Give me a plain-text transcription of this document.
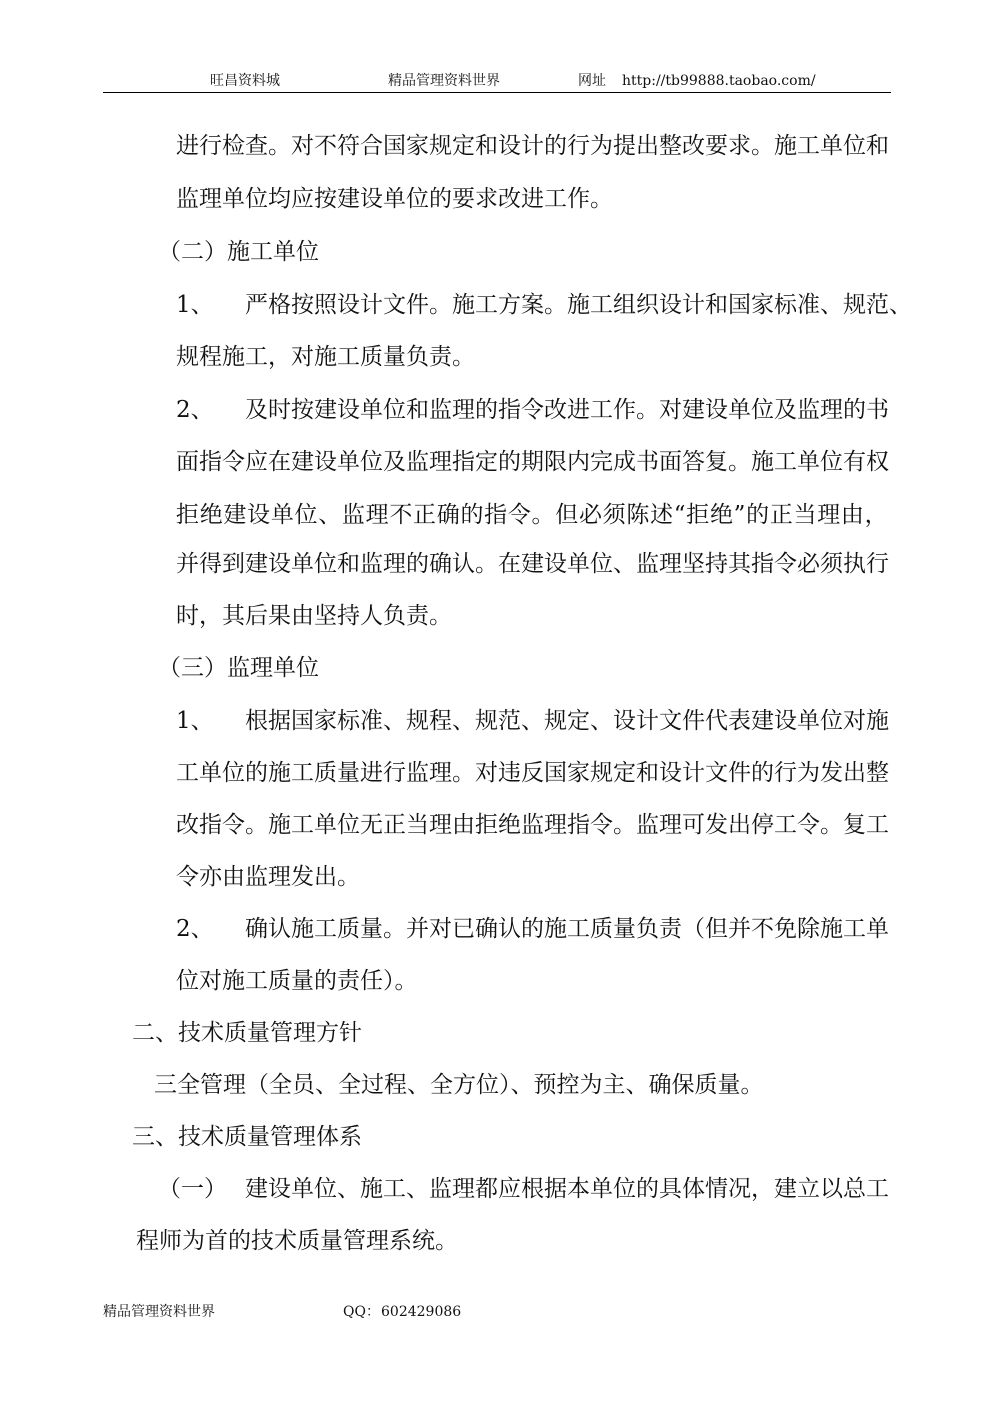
旺昌资料城	精品管理资料世界	网址 http://tb99888.taobao.com/
进 行 检 查 。 对 不 符 合 国 家 规 定 和 设 计 的 行 为 提 出 整 改 要 求 。 施 工 单 位 和
监理单位均应按建设单位的要求改进工作。
（二）施工单位
1、 严 格 按 照 设 计 文 件 。 施 工 方 案 。 施 工 组 织 设 计 和 国 家 标 准 、 规 范 、
规程施工，对施工质量负责。
2、 及 时 按 建 设 单 位 和 监 理 的 指 令 改 进 工 作 。 对 建 设 单 位 及 监 理 的 书
面 指 令 应 在 建 设 单 位 及 监 理 指 定 的 期 限 内 完 成 书 面 答 复 。 施 工 单 位 有 权
拒 绝 建 设 单 位 、 监 理 不 正 确 的 指 令 。 但 必 须 陈 述 “ 拒 绝 ” 的 正 当 理 由 ，
并 得 到 建 设 单 位 和 监 理 的 确 认 。 在 建 设 单 位 、 监 理 坚 持 其 指 令 必 须 执 行
时，其后果由坚持人负责。
（三）监理单位
1、 根 据 国 家 标 准 、 规 程 、 规 范 、 规 定 、 设 计 文 件 代 表 建 设 单 位 对 施
工 单 位 的 施 工 质 量 进 行 监 理 。 对 违 反 国 家 规 定 和 设 计 文 件 的 行 为 发 出 整
改 指 令 。 施 工 单 位 无 正 当 理 由 拒 绝 监 理 指 令 。 监 理 可 发 出 停 工 令 。 复 工
令亦由监理发出。
2、 确 认 施 工 质 量 。 并 对 已 确 认 的 施 工 质 量 负 责 （ 但 并 不 免 除 施 工 单
位对施工质量的责任）。
二、技术质量管理方针
三全管理（全员、全过程、全方位）、预控为主、确保质量。
三、技术质量管理体系
（一） 建 设 单 位 、 施 工 、 监 理 都 应 根 据 本 单 位 的 具 体 情 况 ， 建 立 以 总 工
程师为首的技术质量管理系统。
精品管理资料世界	QQ： 602429086
